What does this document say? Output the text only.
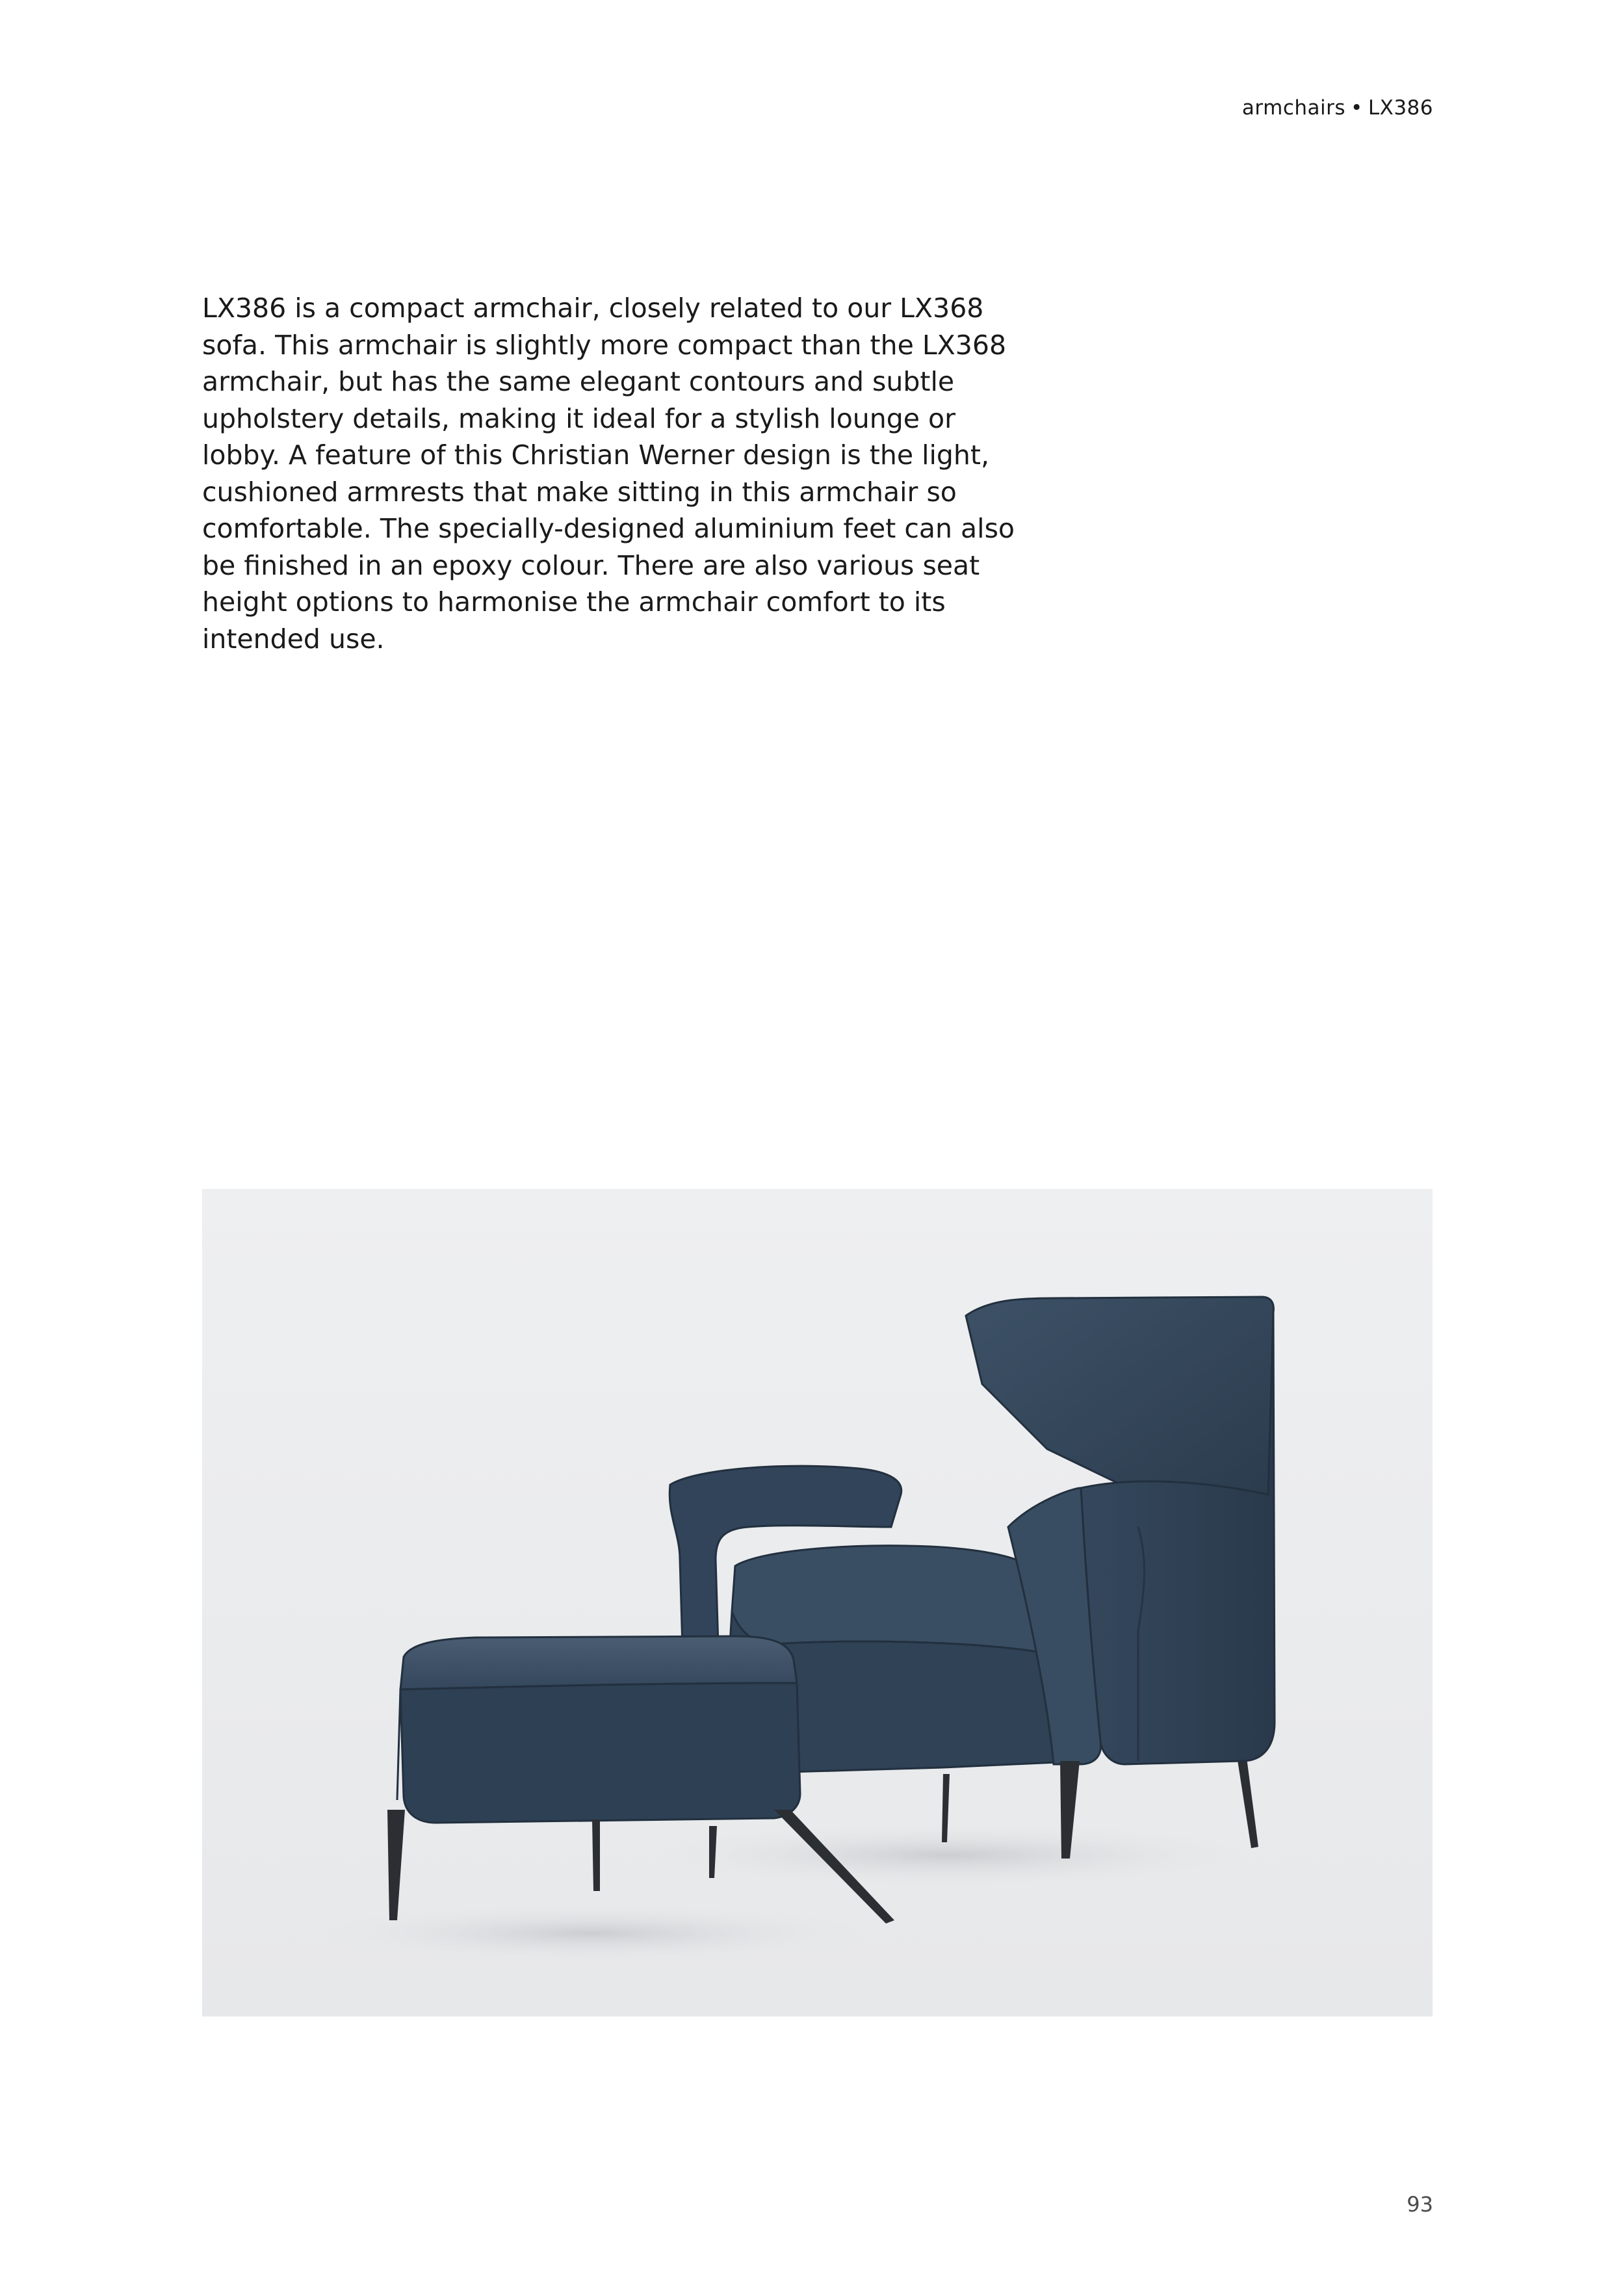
armchairs • LX386

LX386 is a compact armchair, closely related to our LX368 sofa. This armchair is slightly more compact than the LX368 armchair, but has the same elegant contours and subtle upholstery details, making it ideal for a stylish lounge or lobby. A feature of this Christian Werner design is the light, cushioned armrests that make sitting in this armchair so comfortable. The specially-designed aluminium feet can also be finished in an epoxy colour. There are also various seat height options to harmonise the armchair comfort to its intended use.

93
